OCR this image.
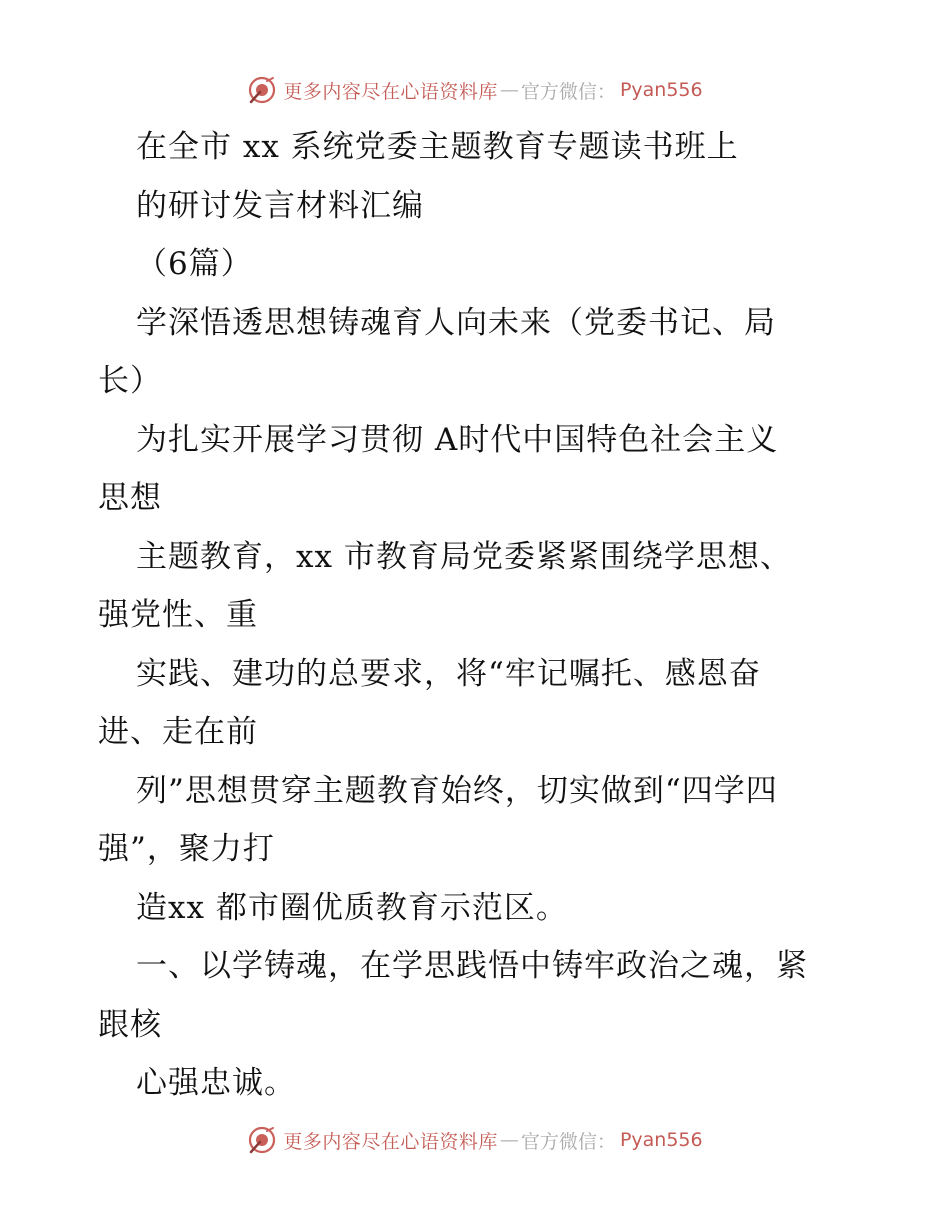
更多内容尽在心语资料库 — 官方微信： Pyan556
在全市 xx 系统党委主题教育专题读书班上
的研讨发言材料汇编
（6篇）
学深悟透思想铸魂育人向未来（党委书记、局
长）
为扎实开展学习贯彻 A时代中国特色社会主义
思想
主题教育，xx 市教育局党委紧紧围绕学思想、
强党性、重
实践、建功的总要求，将“牢记嘱托、感恩奋
进、走在前
列”思想贯穿主题教育始终，切实做到“四学四
强”，聚力打
造xx 都市圈优质教育示范区。
一、以学铸魂，在学思践悟中铸牢政治之魂，紧
跟核
心强忠诚。
更多内容尽在心语资料库 — 官方微信： Pyan556
